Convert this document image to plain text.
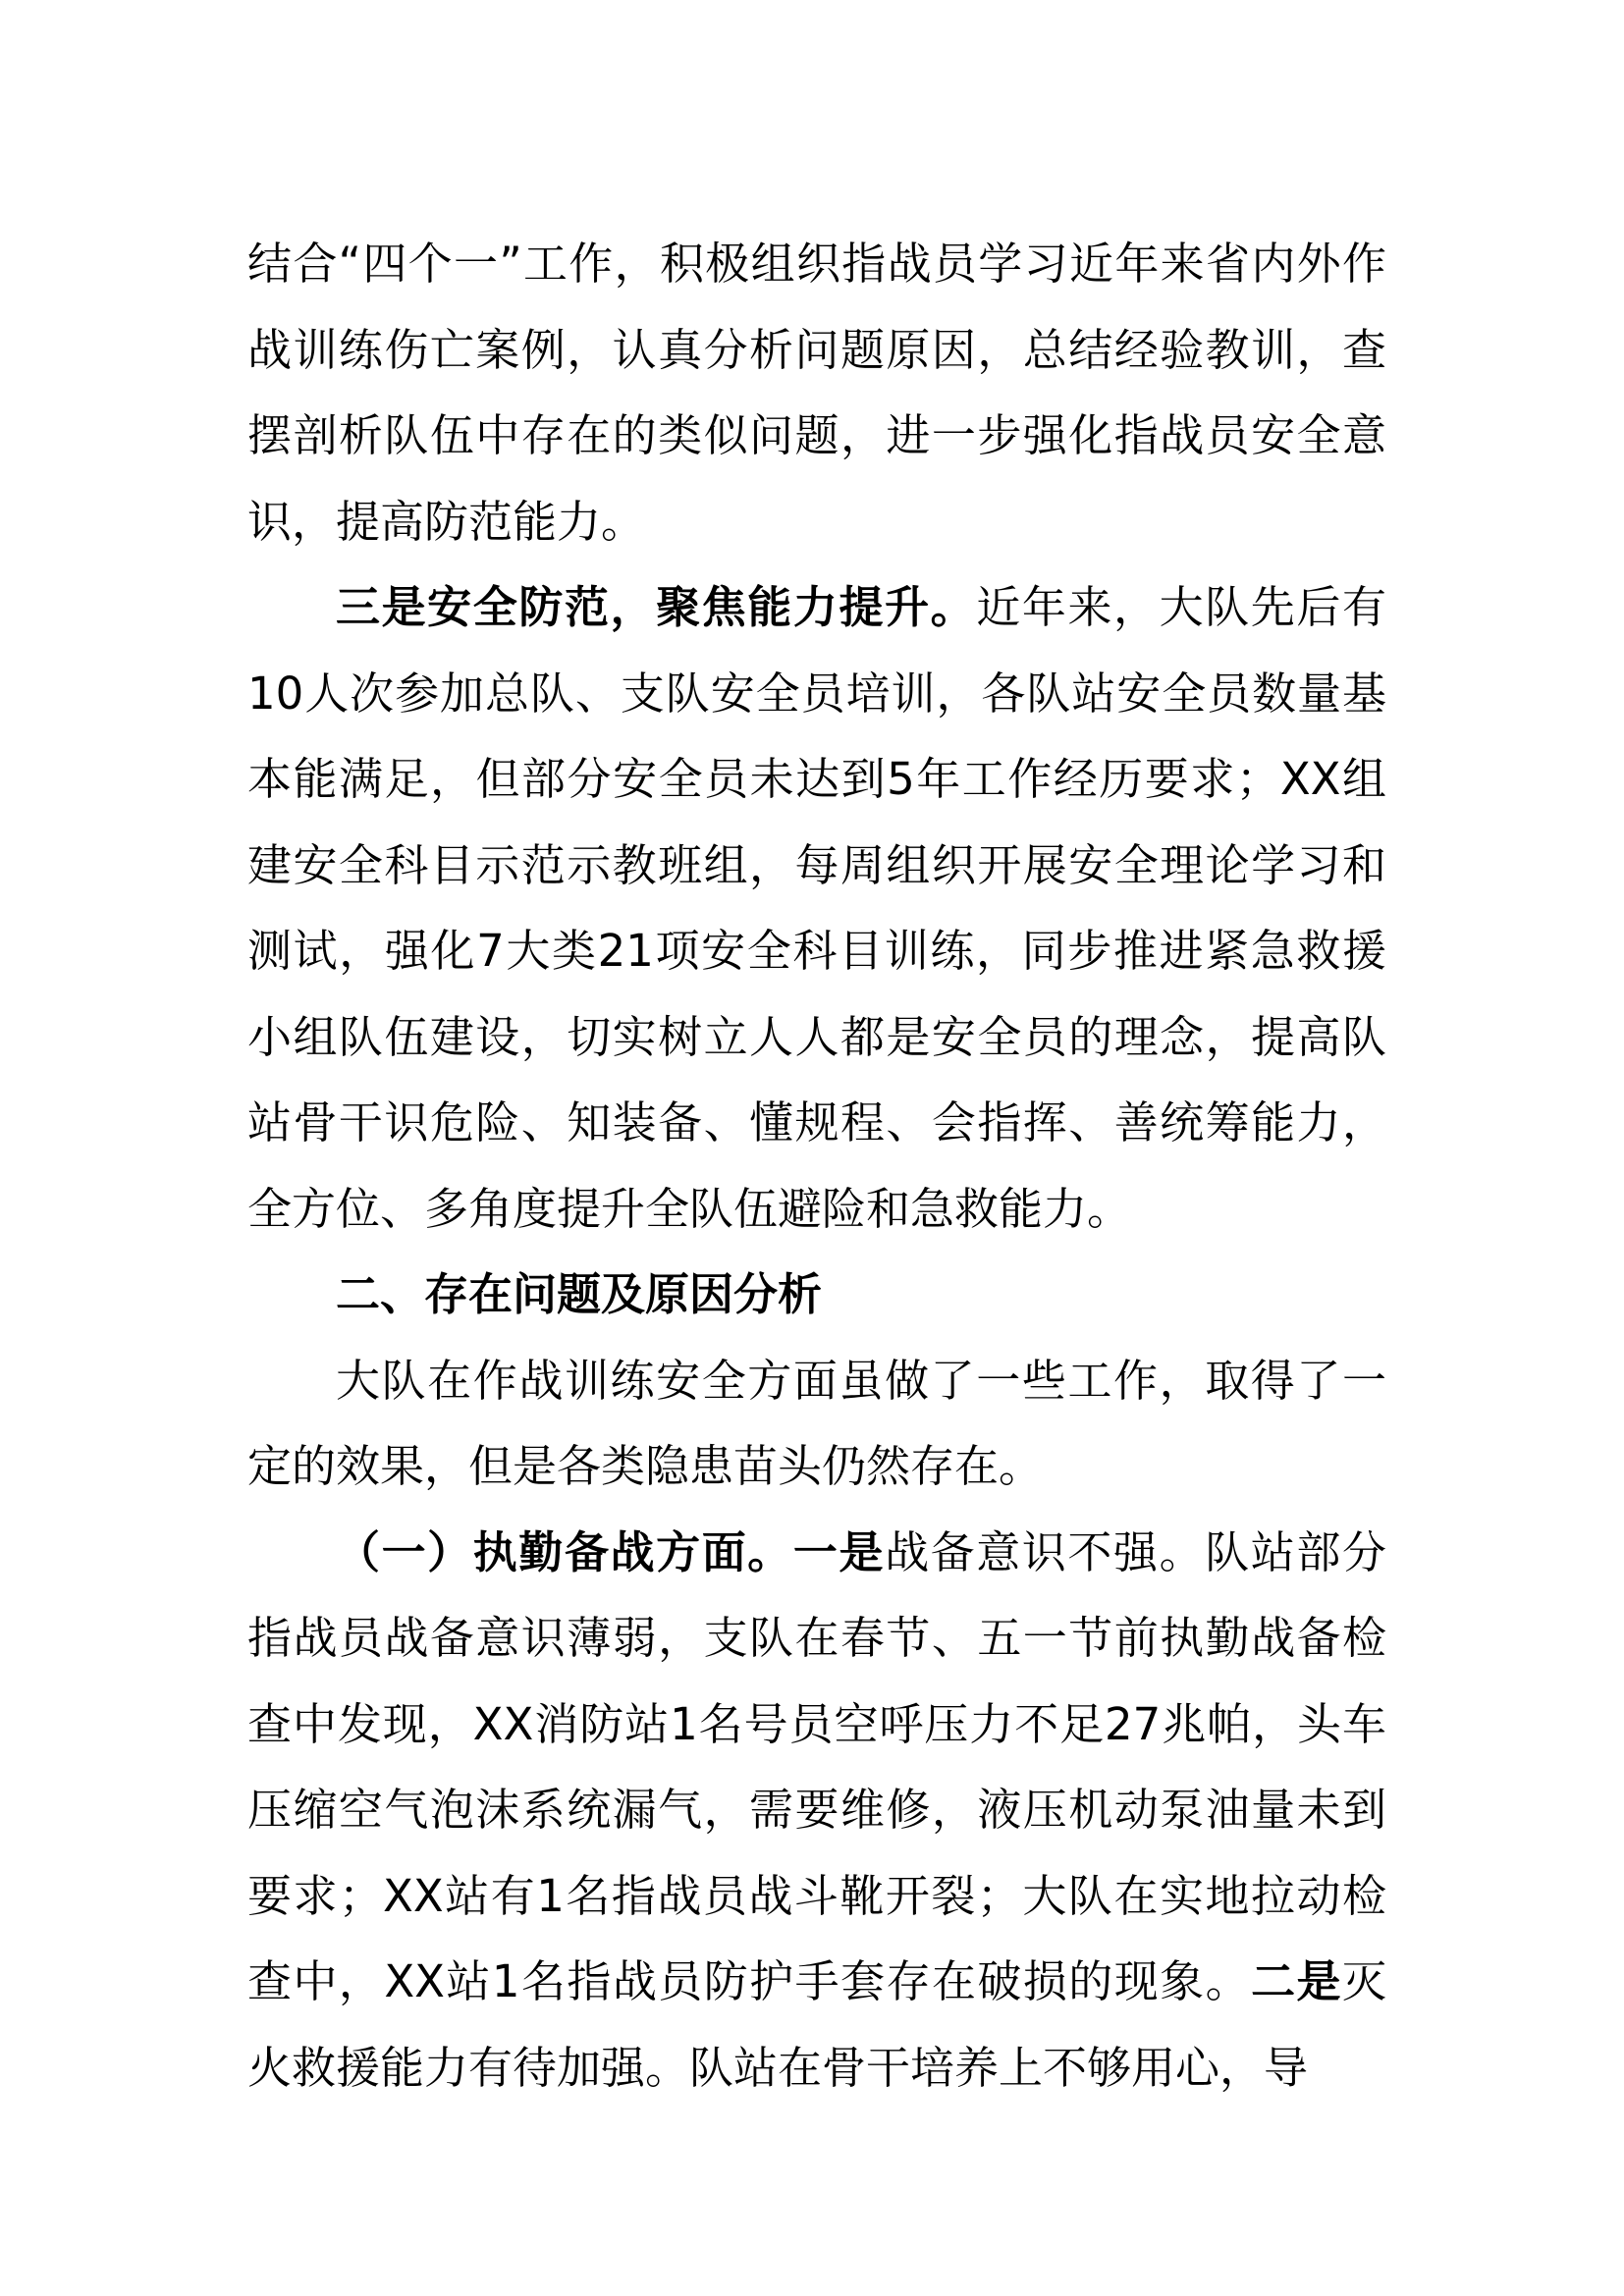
结合“四个一”工作，积极组织指战员学习近年来省内外作战训练伤亡案例，认真分析问题原因，总结经验教训，查摆剖析队伍中存在的类似问题，进一步强化指战员安全意识，提高防范能力。

三是安全防范，聚焦能力提升。近年来，大队先后有10人次参加总队、支队安全员培训，各队站安全员数量基本能满足，但部分安全员未达到5年工作经历要求；XX组建安全科目示范示教班组，每周组织开展安全理论学习和测试，强化7大类21项安全科目训练，同步推进紧急救援小组队伍建设，切实树立人人都是安全员的理念，提高队站骨干识危险、知装备、懂规程、会指挥、善统筹能力，全方位、多角度提升全队伍避险和急救能力。

二、存在问题及原因分析

大队在作战训练安全方面虽做了一些工作，取得了一定的效果，但是各类隐患苗头仍然存在。

（一）执勤备战方面。一是战备意识不强。队站部分指战员战备意识薄弱，支队在春节、五一节前执勤战备检查中发现，XX消防站1名号员空呼压力不足27兆帕，头车压缩空气泡沫系统漏气，需要维修，液压机动泵油量未到要求；XX站有1名指战员战斗靴开裂；大队在实地拉动检查中，XX站1名指战员防护手套存在破损的现象。二是灭火救援能力有待加强。队站在骨干培养上不够用心，导
